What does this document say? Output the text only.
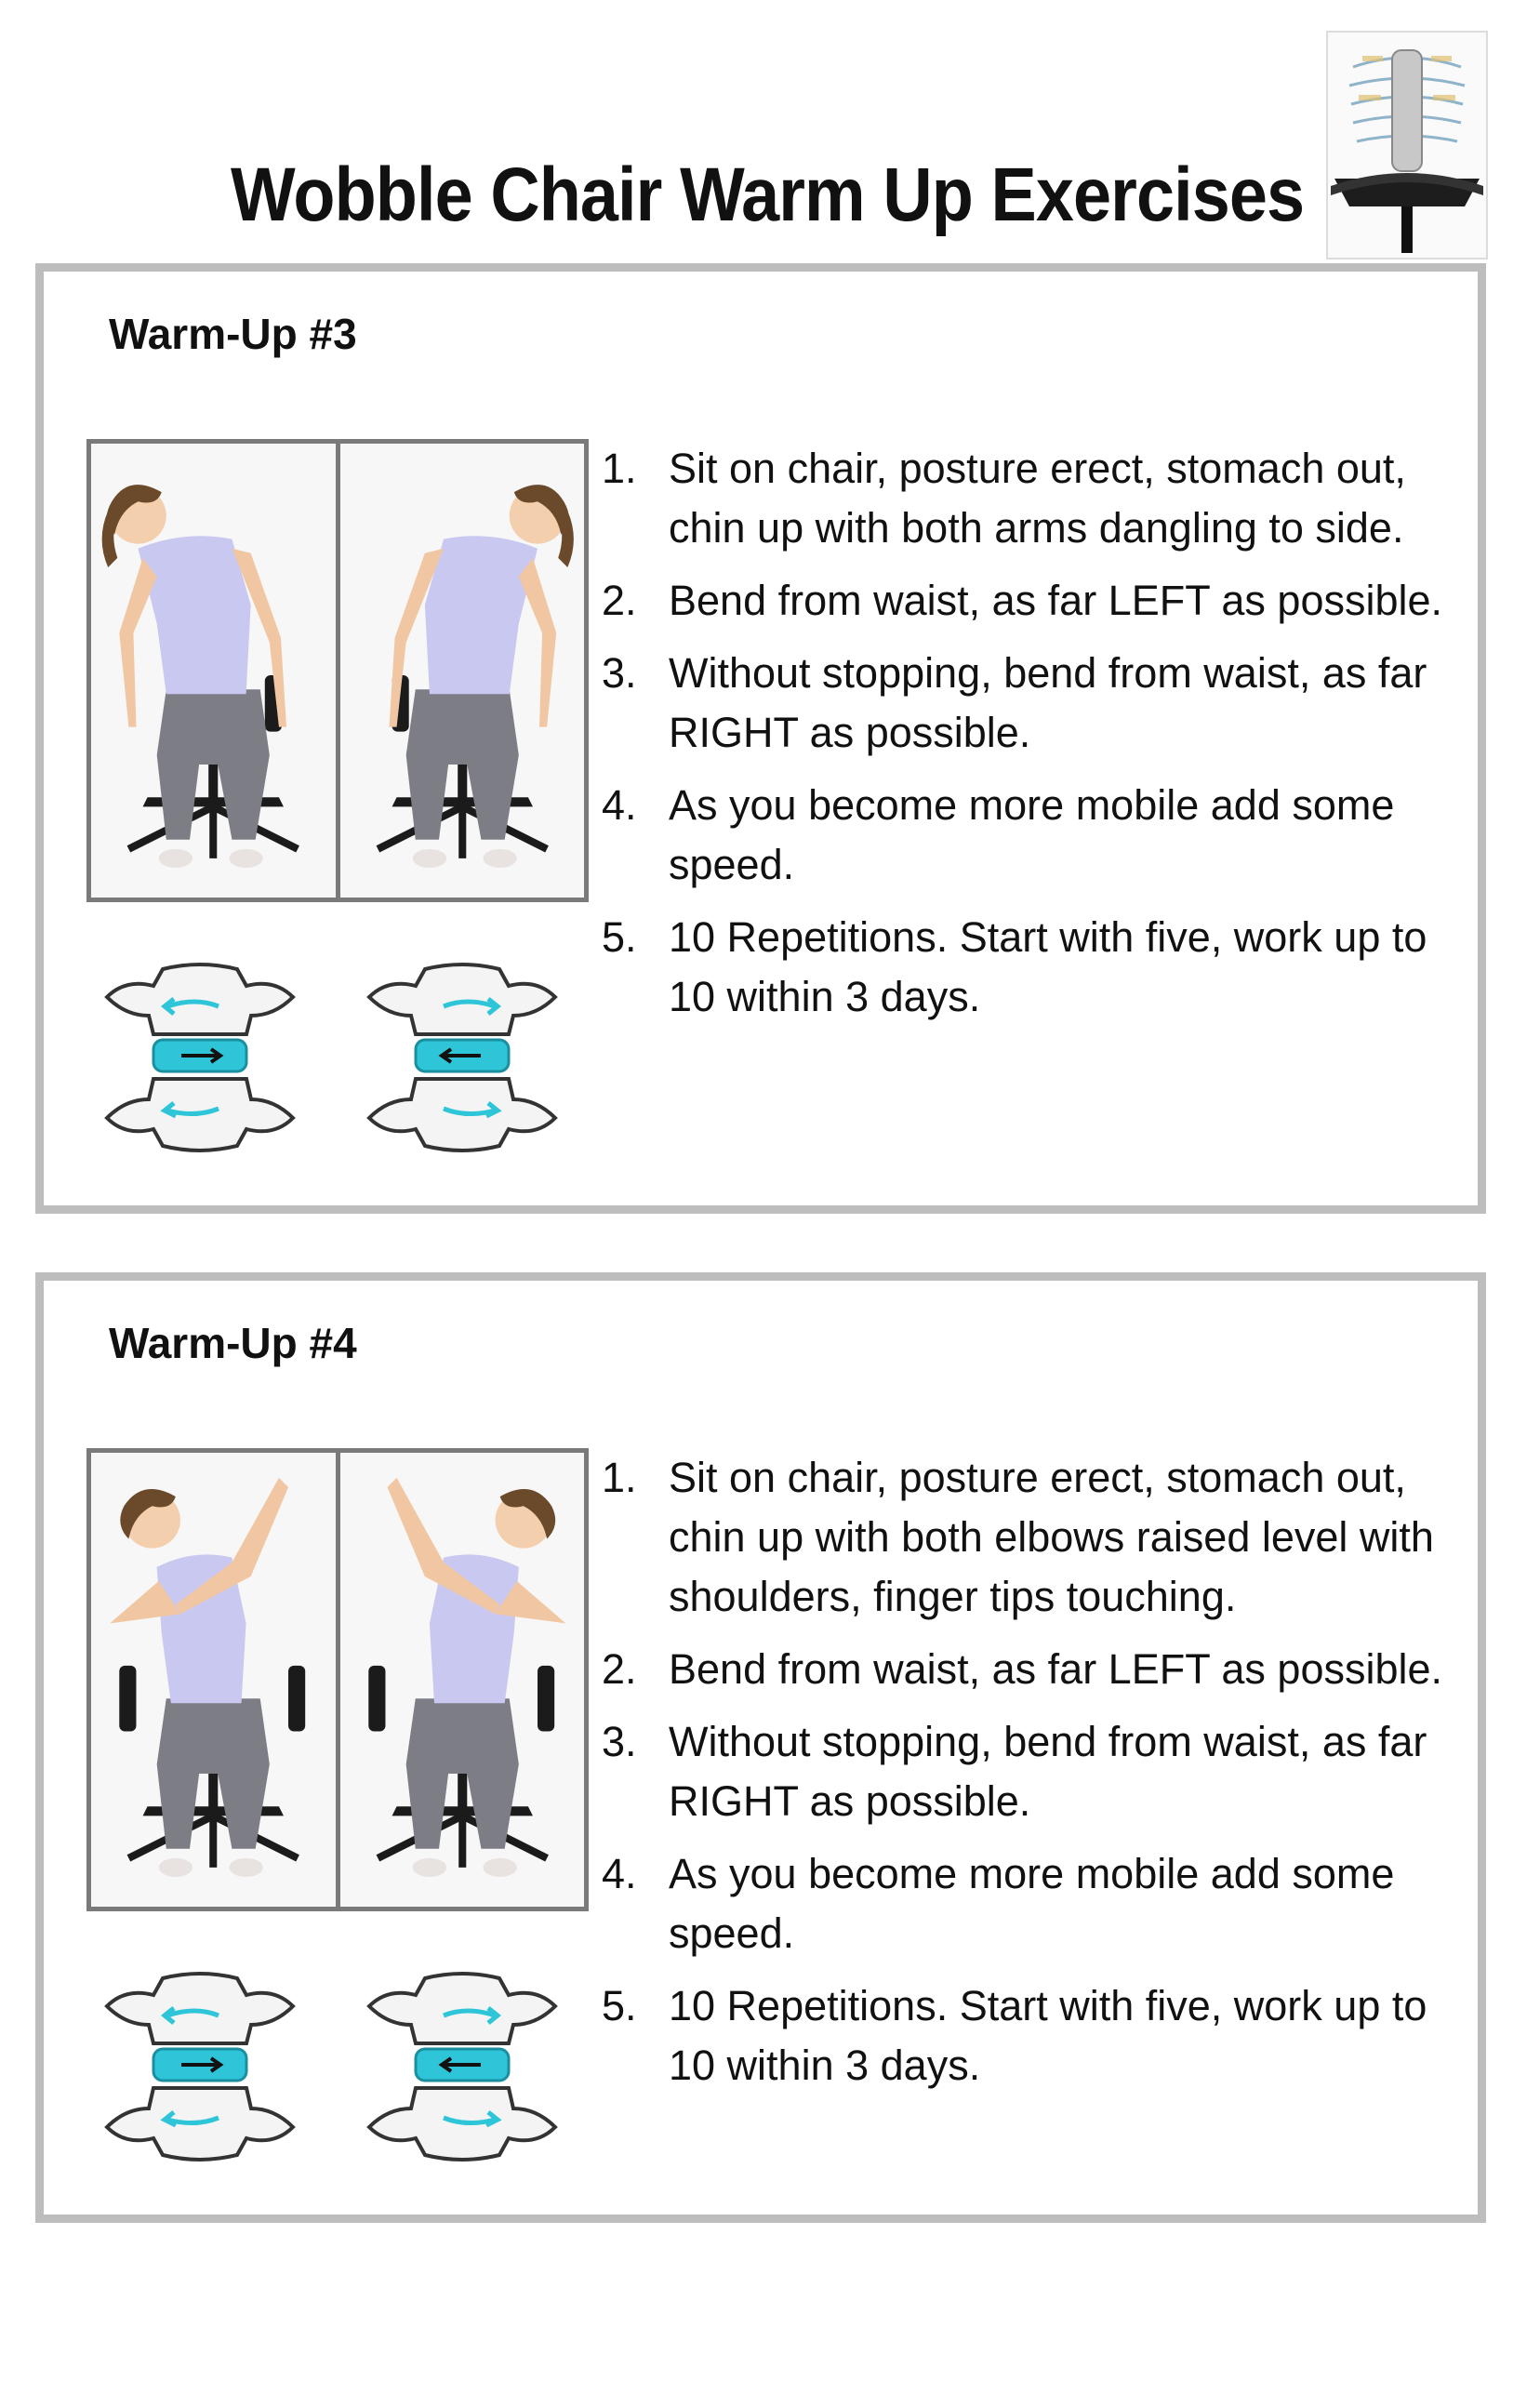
Wobble Chair Warm Up Exercises
Warm-Up #3
1. Sit on chair, posture erect, stomach out, chin up with both arms dangling to side.
2. Bend from waist, as far LEFT as possible.
3. Without stopping, bend from waist, as far RIGHT as possible.
4. As you become more mobile add some speed.
5. 10 Repetitions. Start with five, work up to 10 within 3 days.
Warm-Up #4
1. Sit on chair, posture erect, stomach out, chin up with both elbows raised level with shoulders, finger tips touching.
2. Bend from waist, as far LEFT as possible.
3. Without stopping, bend from waist, as far RIGHT as possible.
4. As you become more mobile add some speed.
5. 10 Repetitions. Start with five, work up to 10 within 3 days.
